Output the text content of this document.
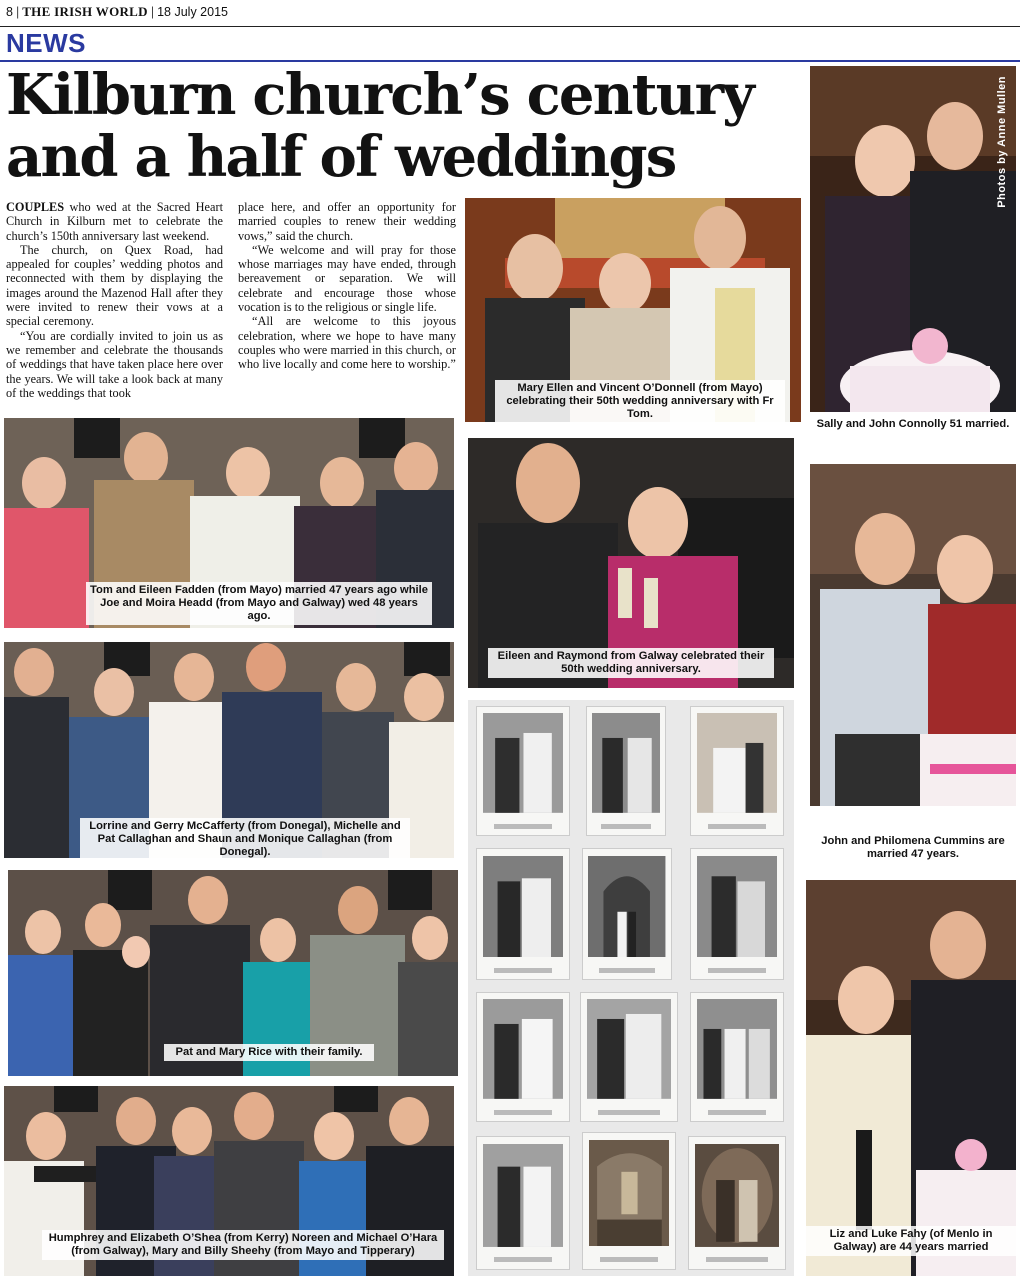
8 | THE IRISH WORLD | 18 July 2015
NEWS
Kilburn church’s century and a half of weddings

COUPLES who wed at the Sacred Heart Church in Kilburn met to celebrate the church’s 150th anniversary last weekend.

The church, on Quex Road, had appealed for couples’ wedding photos and reconnected with them by displaying the images around the Mazenod Hall after they were invited to renew their vows at a special ceremony.

“You are cordially invited to join us as we remember and celebrate the thousands of weddings that have taken place here over the years. We will take a look back at many of the weddings that took

place here, and offer an opportunity for married couples to renew their wedding vows,” said the church.

“We welcome and will pray for those whose marriages may have ended, through bereavement or separation. We will celebrate and encourage those whose vocation is to the religious or single life.

“All are welcome to this joyous celebration, where we hope to have many couples who were married in this church, or who live locally and come here to worship.”

Mary Ellen and Vincent O’Donnell (from Mayo) celebrating their 50th wedding anniversary with Fr Tom.
Photos by Anne Mullen
Sally and John Connolly 51 married.
Tom and Eileen Fadden (from Mayo) married 47 years ago while Joe and Moira Headd (from Mayo and Galway) wed 48 years ago.
Eileen and Raymond from Galway celebrated their 50th wedding anniversary.
John and Philomena Cummins are married 47 years.
Lorrine and Gerry McCafferty (from Donegal), Michelle and Pat Callaghan and Shaun and Monique Callaghan (from Donegal).
Pat and Mary Rice with their family.
Humphrey and Elizabeth O’Shea (from Kerry) Noreen and Michael O’Hara (from Galway), Mary and Billy Sheehy (from Mayo and Tipperary)
Liz and Luke Fahy (of Menlo in Galway) are 44 years married
